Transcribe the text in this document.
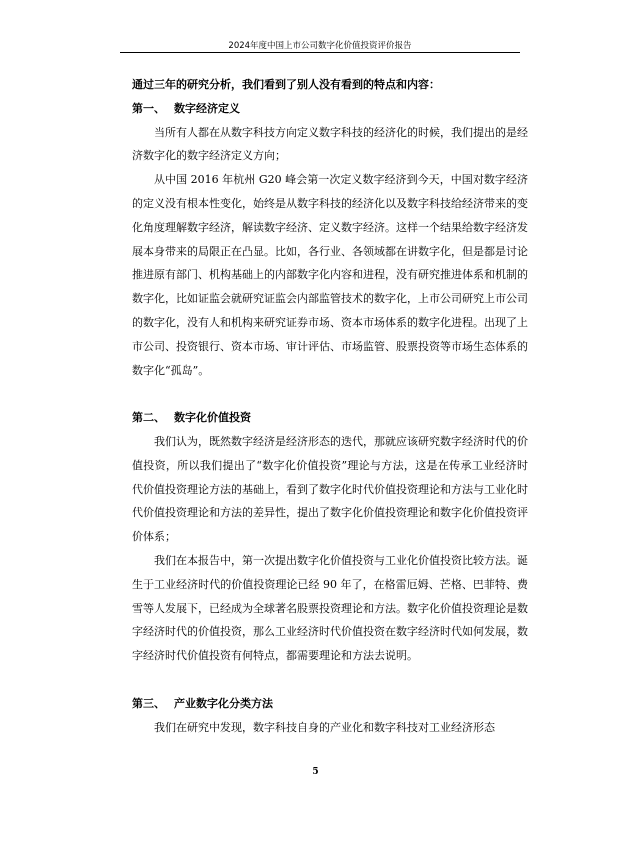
2024年度中国上市公司数字化价值投资评价报告

通过三年的研究分析，我们看到了别人没有看到的特点和内容：

第一、 数字经济定义

当所有人都在从数字科技方向定义数字科技的经济化的时候，我们提出的是经济数字化的数字经济定义方向；

从中国 2016 年杭州 G20 峰会第一次定义数字经济到今天，中国对数字经济的定义没有根本性变化，始终是从数字科技的经济化以及数字科技给经济带来的变化角度理解数字经济，解读数字经济、定义数字经济。这样一个结果给数字经济发展本身带来的局限正在凸显。比如，各行业、各领域都在讲数字化，但是都是讨论推进原有部门、机构基础上的内部数字化内容和进程，没有研究推进体系和机制的数字化，比如证监会就研究证监会内部监管技术的数字化，上市公司研究上市公司的数字化，没有人和机构来研究证券市场、资本市场体系的数字化进程。出现了上市公司、投资银行、资本市场、审计评估、市场监管、股票投资等市场生态体系的数字化“孤岛”。

第二、 数字化价值投资

我们认为，既然数字经济是经济形态的迭代，那就应该研究数字经济时代的价值投资，所以我们提出了“数字化价值投资”理论与方法，这是在传承工业经济时代价值投资理论方法的基础上，看到了数字化时代价值投资理论和方法与工业化时代价值投资理论和方法的差异性，提出了数字化价值投资理论和数字化价值投资评价体系；

我们在本报告中，第一次提出数字化价值投资与工业化价值投资比较方法。诞生于工业经济时代的价值投资理论已经 90 年了，在格雷厄姆、芒格、巴菲特、费雪等人发展下，已经成为全球著名股票投资理论和方法。数字化价值投资理论是数字经济时代的价值投资，那么工业经济时代价值投资在数字经济时代如何发展，数字经济时代价值投资有何特点，都需要理论和方法去说明。

第三、 产业数字化分类方法

我们在研究中发现，数字科技自身的产业化和数字科技对工业经济形态

5
